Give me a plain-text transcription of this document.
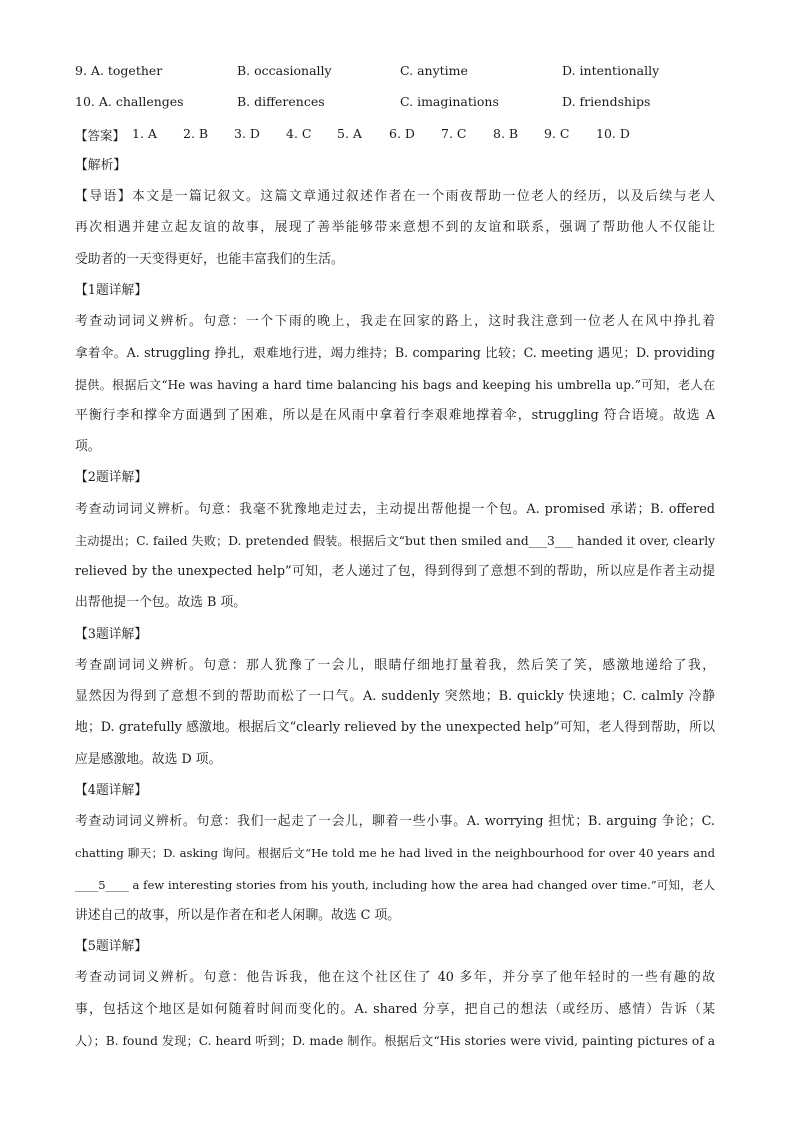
9. A. together	B. occasionally	C. anytime	D. intentionally
10. A. challenges	B. differences	C. imaginations	D. friendships
【答案】 1. A 2. B 3. D 4. C 5. A 6. D 7. C 8. B 9. C 10. D
【解析】
【导语】本文是一篇记叙文。这篇文章通过叙述作者在一个雨夜帮助一位老人的经历，以及后续与老人
再次相遇并建立起友谊的故事，展现了善举能够带来意想不到的友谊和联系，强调了帮助他人不仅能让
受助者的一天变得更好，也能丰富我们的生活。
【1题详解】
考查动词词义辨析。句意：一个下雨的晚上，我走在回家的路上，这时我注意到一位老人在风中挣扎着
拿着伞。A. struggling 挣扎，艰难地行进，竭力维持；B. comparing 比较；C. meeting 遇见；D. providing
提供。根据后文“He was having a hard time balancing his bags and keeping his umbrella up.”可知，老人在
平衡行李和撑伞方面遇到了困难，所以是在风雨中拿着行李艰难地撑着伞，struggling 符合语境。故选 A
项。
【2题详解】
考查动词词义辨析。句意：我毫不犹豫地走过去，主动提出帮他提一个包。A. promised 承诺；B. offered
主动提出；C. failed 失败；D. pretended 假装。根据后文“but then smiled and___3___ handed it over, clearly
relieved by the unexpected help”可知，老人递过了包，得到得到了意想不到的帮助，所以应是作者主动提
出帮他提一个包。故选 B 项。
【3题详解】
考查副词词义辨析。句意：那人犹豫了一会儿，眼睛仔细地打量着我，然后笑了笑，感激地递给了我，
显然因为得到了意想不到的帮助而松了一口气。A. suddenly 突然地；B. quickly 快速地；C. calmly 冷静
地；D. gratefully 感激地。根据后文“clearly relieved by the unexpected help”可知，老人得到帮助，所以
应是感激地。故选 D 项。
【4题详解】
考查动词词义辨析。句意：我们一起走了一会儿，聊着一些小事。A. worrying 担忧；B. arguing 争论；C.
chatting 聊天；D. asking 询问。根据后文“He told me he had lived in the neighbourhood for over 40 years and
____5____ a few interesting stories from his youth, including how the area had changed over time.”可知，老人
讲述自己的故事，所以是作者在和老人闲聊。故选 C 项。
【5题详解】
考查动词词义辨析。句意：他告诉我，他在这个社区住了 40 多年，并分享了他年轻时的一些有趣的故
事，包括这个地区是如何随着时间而变化的。A. shared 分享，把自己的想法（或经历、感情）告诉（某
人）；B. found 发现；C. heard 听到；D. made 制作。根据后文“His stories were vivid, painting pictures of a
